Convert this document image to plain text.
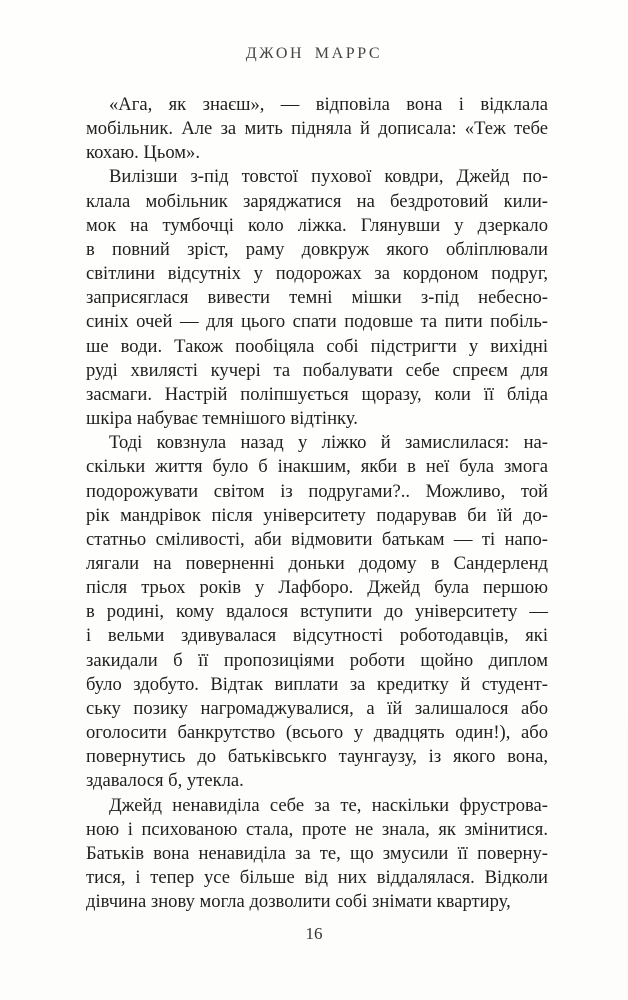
ДЖОН МАРРС
«Ага, як знаєш», — відповіла вона і відклала
мобільник. Але за мить підняла й дописала: «Теж тебе
кохаю. Цьом».
Вилізши з-під товстої пухової ковдри, Джейд по-
клала мобільник заряджатися на бездротовий кили-
мок на тумбочці коло ліжка. Глянувши у дзеркало
в повний зріст, раму довкруж якого обліплювали
світлини відсутніх у подорожах за кордоном подруг,
заприсяглася вивести темні мішки з-під небесно-
синіх очей — для цього спати подовше та пити побіль-
ше води. Також пообіцяла собі підстригти у вихідні
руді хвилясті кучері та побалувати себе спреєм для
засмаги. Настрій поліпшується щоразу, коли її бліда
шкіра набуває темнішого відтінку.
Тоді ковзнула назад у ліжко й замислилася: на-
скільки життя було б інакшим, якби в неї була змога
подорожувати світом із подругами?.. Можливо, той
рік мандрівок після університету подарував би їй до-
статньо сміливості, аби відмовити батькам — ті напо-
лягали на поверненні доньки додому в Сандерленд
після трьох років у Лафборо. Джейд була першою
в родині, кому вдалося вступити до університету —
і вельми здивувалася відсутності роботодавців, які
закидали б її пропозиціями роботи щойно диплом
було здобуто. Відтак виплати за кредитку й студент-
ську позику нагромаджувалися, а їй залишалося або
оголосити банкрутство (всього у двадцять один!), або
повернутись до батьківськго таунгаузу, із якого вона,
здавалося б, утекла.
Джейд ненавиділа себе за те, наскільки фрустрова-
ною і психованою стала, проте не знала, як змінитися.
Батьків вона ненавиділа за те, що змусили її поверну-
тися, і тепер усе більше від них віддалялася. Відколи
дівчина знову могла дозволити собі знімати квартиру,
16
